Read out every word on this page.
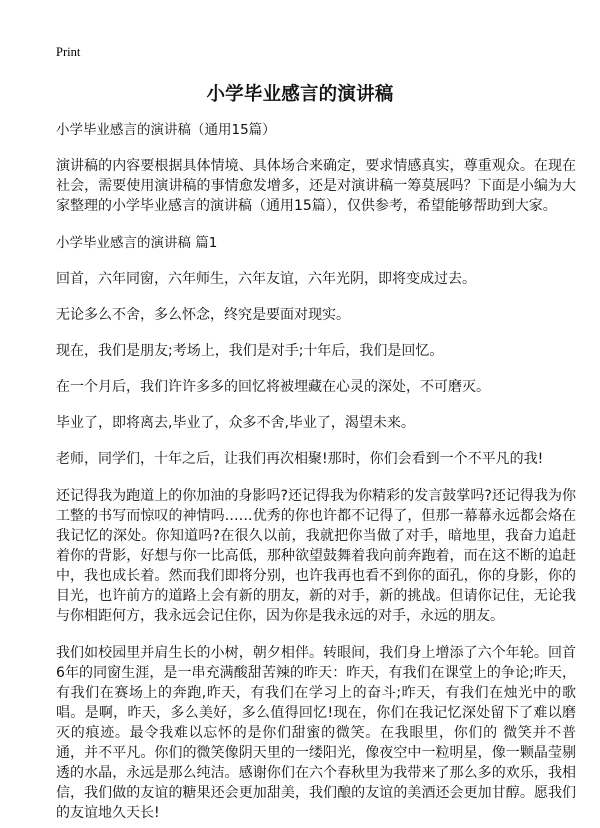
Print
小学毕业感言的演讲稿

小学毕业感言的演讲稿（通用15篇）

演讲稿的内容要根据具体情境、具体场合来确定，要求情感真实，尊重观众。在现在社会，需要使用演讲稿的事情愈发增多，还是对演讲稿一筹莫展吗？下面是小编为大家整理的小学毕业感言的演讲稿（通用15篇），仅供参考，希望能够帮助到大家。

小学毕业感言的演讲稿 篇1

回首，六年同窗，六年师生，六年友谊，六年光阴，即将变成过去。

无论多么不舍，多么怀念，终究是要面对现实。

现在，我们是朋友;考场上，我们是对手;十年后，我们是回忆。

在一个月后，我们许许多多的回忆将被埋藏在心灵的深处，不可磨灭。

毕业了，即将离去,毕业了，众多不舍,毕业了，渴望未来。

老师，同学们，十年之后，让我们再次相聚!那时，你们会看到一个不平凡的我!

还记得我为跑道上的你加油的身影吗?还记得我为你精彩的发言鼓掌吗?还记得我为你工整的书写而惊叹的神情吗……优秀的你也许都不记得了，但那一幕幕永远都会烙在我记忆的深处。你知道吗?在很久以前，我就把你当做了对手，暗地里，我奋力追赶着你的背影，好想与你一比高低，那种欲望鼓舞着我向前奔跑着，而在这不断的追赶中，我也成长着。然而我们即将分别，也许我再也看不到你的面孔，你的身影，你的目光，也许前方的道路上会有新的朋友，新的对手，新的挑战。但请你记住，无论我与你相距何方，我永远会记住你，因为你是我永远的对手，永远的朋友。

我们如校园里并肩生长的小树，朝夕相伴。转眼间，我们身上增添了六个年轮。回首6年的同窗生涯，是一串充满酸甜苦辣的昨天：昨天，有我们在课堂上的争论;昨天，有我们在赛场上的奔跑,昨天，有我们在学习上的奋斗;昨天，有我们在烛光中的歌唱。是啊，昨天，多么美好，多么值得回忆!现在，你们在我记忆深处留下了难以磨灭的痕迹。最令我难以忘怀的是你们甜蜜的微笑。在我眼里，你们的 微笑并不普通，并不平凡。你们的微笑像阴天里的一缕阳光，像夜空中一粒明星，像一颗晶莹剔透的水晶，永远是那么纯洁。感谢你们在六个春秋里为我带来了那么多的欢乐，我相信，我们做的友谊的糖果还会更加甜美，我们酿的友谊的美酒还会更加甘醇。愿我们的友谊地久天长!
